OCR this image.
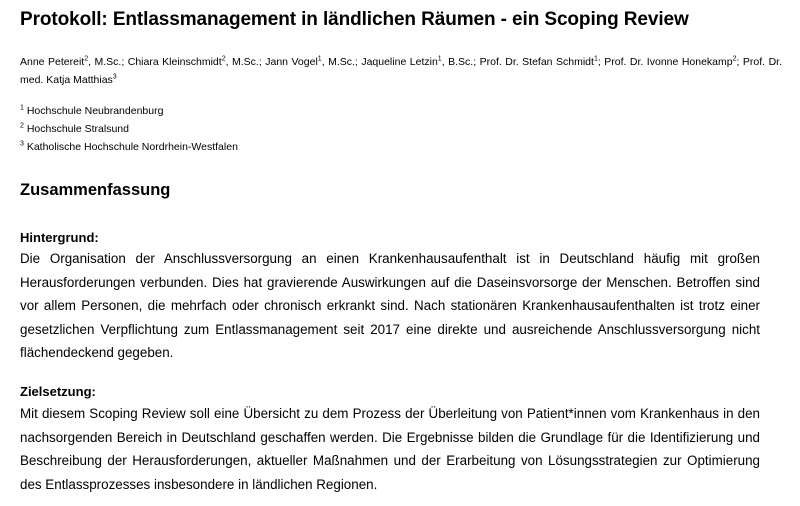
Protokoll: Entlassmanagement in ländlichen Räumen - ein Scoping Review
Anne Petereit$^2$, M.Sc.; Chiara Kleinschmidt$^2$, M.Sc.; Jann Vogel$^1$, M.Sc.; Jaqueline Letzin$^1$, B.Sc.; Prof. Dr. Stefan Schmidt$^1$; Prof. Dr. Ivonne Honekamp$^2$; Prof. Dr. med. Katja Matthias$^3$
$^1$ Hochschule Neubrandenburg
$^2$ Hochschule Stralsund
$^3$ Katholische Hochschule Nordrhein-Westfalen
Zusammenfassung
Hintergrund:
Die Organisation der Anschlussversorgung an einen Krankenhausaufenthalt ist in Deutschland häufig mit großen Herausforderungen verbunden. Dies hat gravierende Auswirkungen auf die Daseinsvorsorge der Menschen. Betroffen sind vor allem Personen, die mehrfach oder chronisch erkrankt sind. Nach stationären Krankenhausaufenthalten ist trotz einer gesetzlichen Verpflichtung zum Entlassmanagement seit 2017 eine direkte und ausreichende Anschlussversorgung nicht flächendeckend gegeben.
Zielsetzung:
Mit diesem Scoping Review soll eine Übersicht zu dem Prozess der Überleitung von Patient*innen vom Krankenhaus in den nachsorgenden Bereich in Deutschland geschaffen werden. Die Ergebnisse bilden die Grundlage für die Identifizierung und Beschreibung der Herausforderungen, aktueller Maßnahmen und der Erarbeitung von Lösungsstrategien zur Optimierung des Entlassprozesses insbesondere in ländlichen Regionen.
